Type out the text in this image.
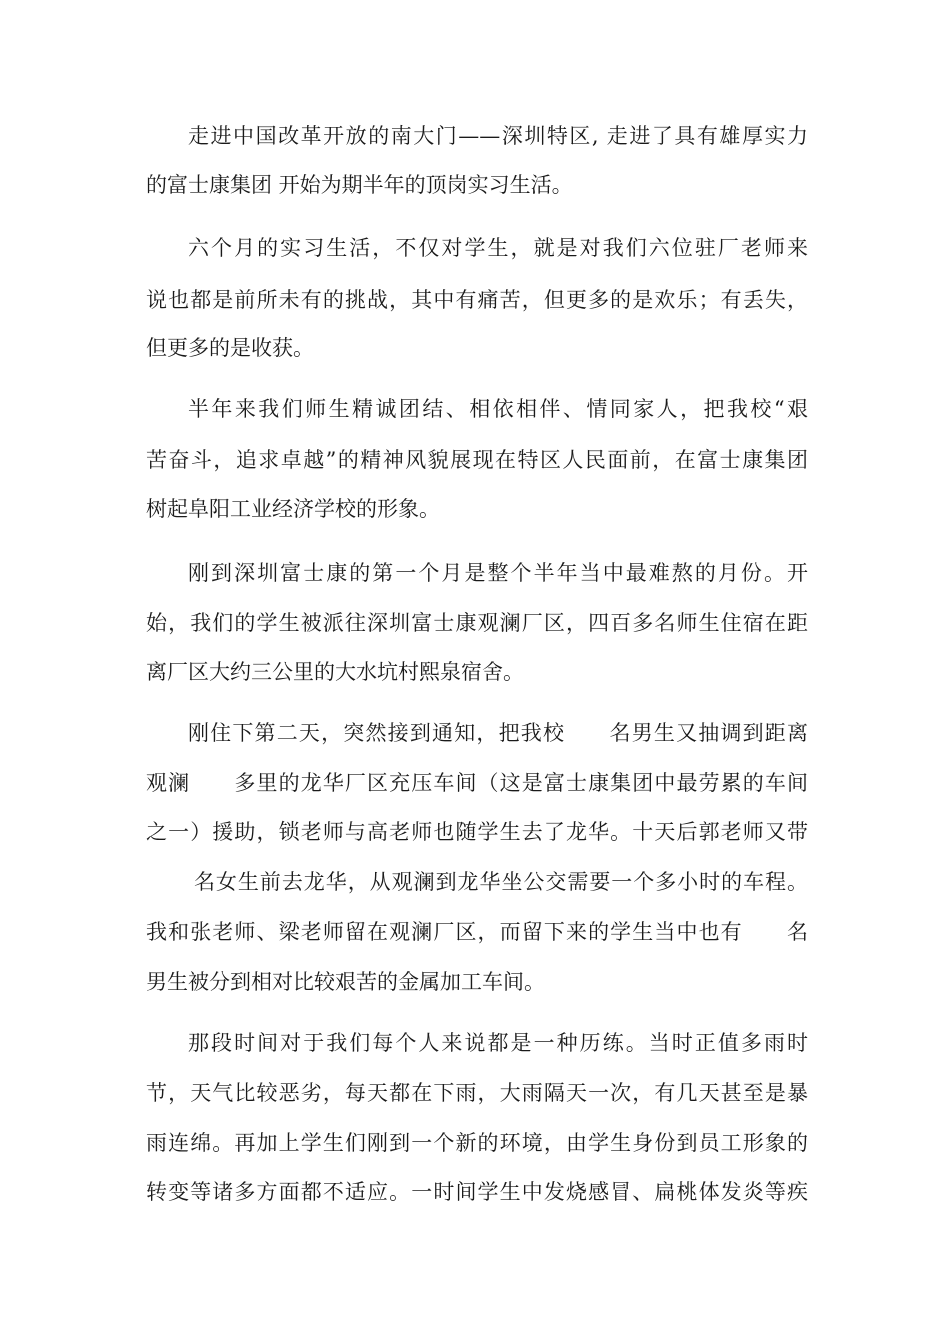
走进中国改革开放的南大门——深圳特区, 走进了具有雄厚实力
的富士康集团 开始为期半年的顶岗实习生活。
六个月的实习生活，不仅对学生，就是对我们六位驻厂老师来
说也都是前所未有的挑战，其中有痛苦，但更多的是欢乐；有丢失，
但更多的是收获。
半年来我们师生精诚团结、相依相伴、情同家人，把我校“艰
苦奋斗，追求卓越”的精神风貌展现在特区人民面前，在富士康集团
树起阜阳工业经济学校的形象。
刚到深圳富士康的第一个月是整个半年当中最难熬的月份。开
始，我们的学生被派往深圳富士康观澜厂区，四百多名师生住宿在距
离厂区大约三公里的大水坑村熙泉宿舍。
刚住下第二天，突然接到通知，把我校　　名男生又抽调到距离
观澜　　多里的龙华厂区充压车间（这是富士康集团中最劳累的车间
之一）援助，锁老师与高老师也随学生去了龙华。十天后郭老师又带
　名女生前去龙华，从观澜到龙华坐公交需要一个多小时的车程。
我和张老师、梁老师留在观澜厂区，而留下来的学生当中也有　　名
男生被分到相对比较艰苦的金属加工车间。
那段时间对于我们每个人来说都是一种历练。当时正值多雨时
节，天气比较恶劣，每天都在下雨，大雨隔天一次，有几天甚至是暴
雨连绵。再加上学生们刚到一个新的环境，由学生身份到员工形象的
转变等诸多方面都不适应。一时间学生中发烧感冒、扁桃体发炎等疾
